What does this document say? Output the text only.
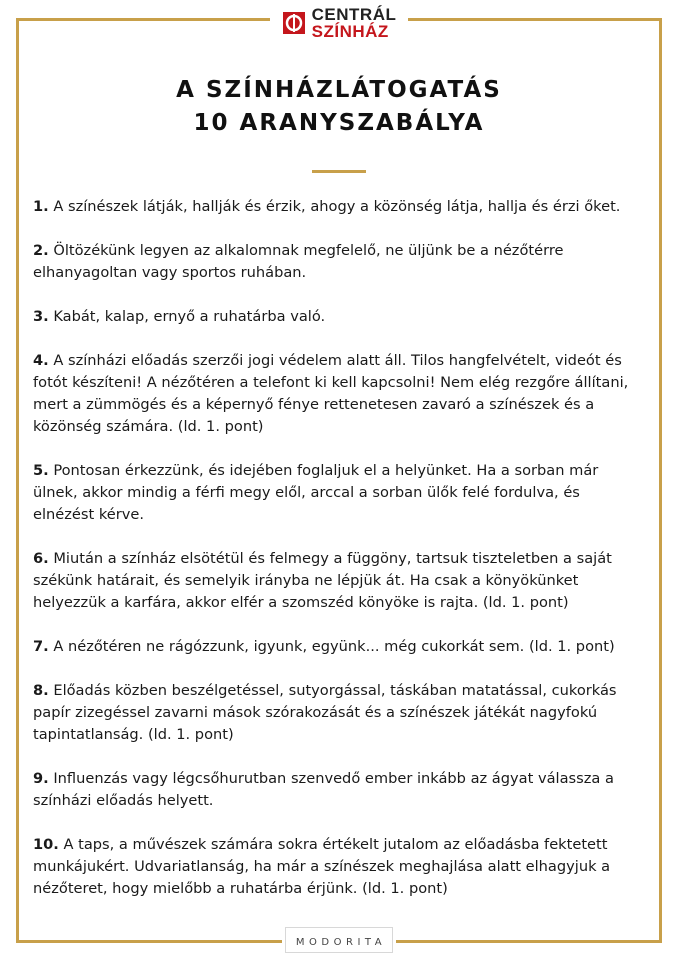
CENTRÁL
SZÍNHÁZ
A SZÍNHÁZLÁTOGATÁS
10 ARANYSZABÁLYA
1. A színészek látják, hallják és érzik, ahogy a közönség látja, hallja és érzi őket.
2. Öltözékünk legyen az alkalomnak megfelelő, ne üljünk be a nézőtérre elhanyagoltan vagy sportos ruhában.
3. Kabát, kalap, ernyő a ruhatárba való.
4. A színházi előadás szerzői jogi védelem alatt áll. Tilos hangfelvételt, videót és fotót készíteni! A nézőtéren a telefont ki kell kapcsolni! Nem elég rezgőre állítani, mert a zümmögés és a képernyő fénye rettenetesen zavaró a színészek és a közönség számára. (ld. 1. pont)
5. Pontosan érkezzünk, és idejében foglaljuk el a helyünket. Ha a sorban már ülnek, akkor mindig a férfi megy elől, arccal a sorban ülők felé fordulva, és elnézést kérve.
6. Miután a színház elsötétül és felmegy a függöny, tartsuk tiszteletben a saját székünk határait, és semelyik irányba ne lépjük át. Ha csak a könyökünket helyezzük a karfára, akkor elfér a szomszéd könyöke is rajta. (ld. 1. pont)
7. A nézőtéren ne rágózzunk, igyunk, együnk... még cukorkát sem. (ld. 1. pont)
8. Előadás közben beszélgetéssel, sutyorgással, táskában matatással, cukorkás papír zizegéssel zavarni mások szórakozását és a színészek játékát nagyfokú tapintatlanság. (ld. 1. pont)
9. Influenzás vagy légcsőhurutban szenvedő ember inkább az ágyat válassza a színházi előadás helyett.
10. A taps, a művészek számára sokra értékelt jutalom az előadásba fektetett munkájukért. Udvariatlanság, ha már a színészek meghajlása alatt elhagyjuk a nézőteret, hogy mielőbb a ruhatárba érjünk. (ld. 1. pont)
MODORITA
